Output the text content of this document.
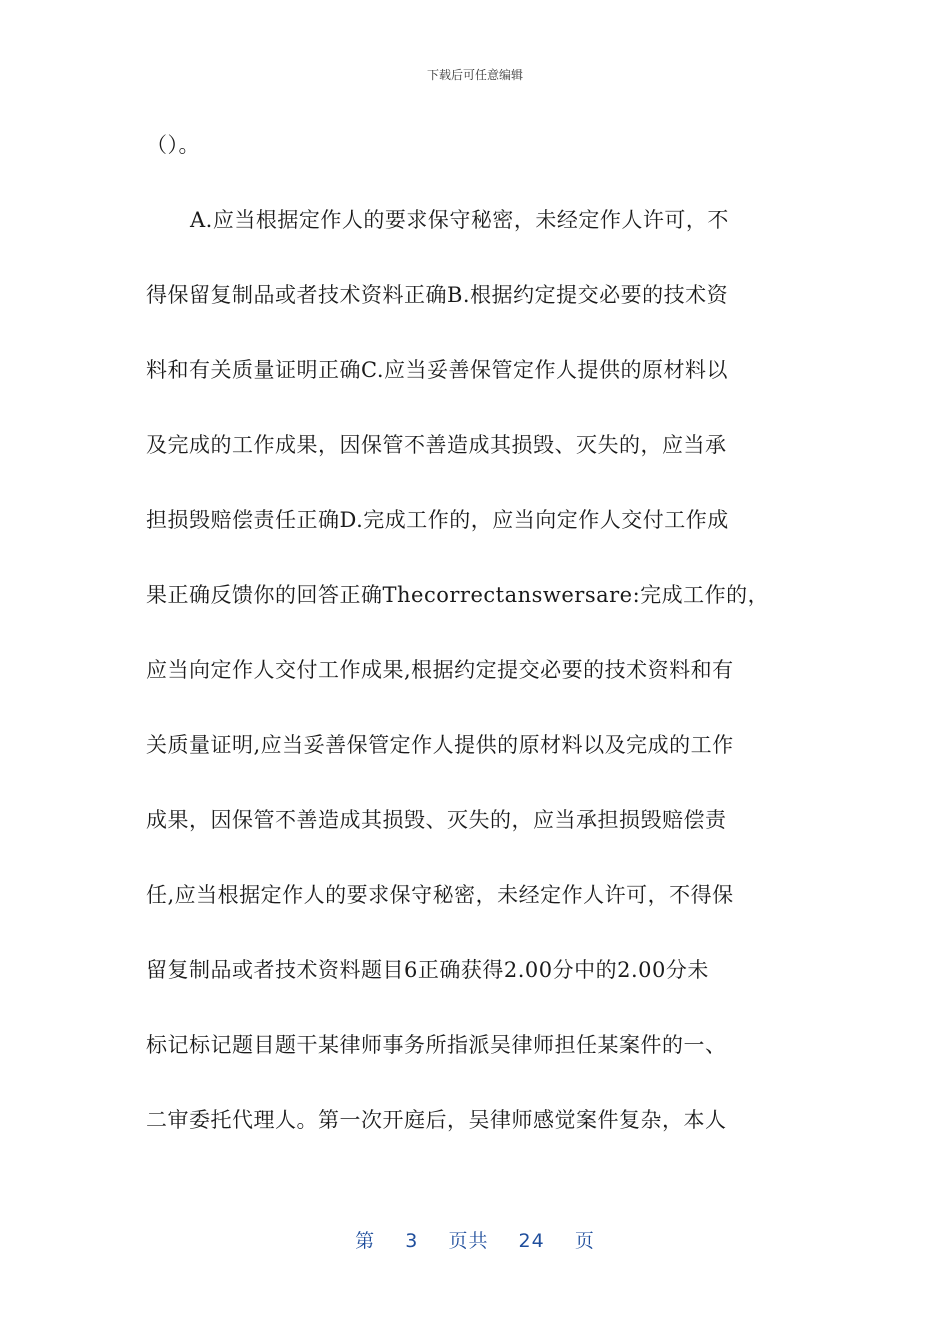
下载后可任意编辑
（）。
A.应当根据定作人的要求保守秘密，未经定作人许可，不
得保留复制品或者技术资料正确B.根据约定提交必要的技术资
料和有关质量证明正确C.应当妥善保管定作人提供的原材料以
及完成的工作成果，因保管不善造成其损毁、灭失的，应当承
担损毁赔偿责任正确D.完成工作的，应当向定作人交付工作成
果正确反馈你的回答正确Thecorrectanswersare:完成工作的，
应当向定作人交付工作成果,根据约定提交必要的技术资料和有
关质量证明,应当妥善保管定作人提供的原材料以及完成的工作
成果，因保管不善造成其损毁、灭失的，应当承担损毁赔偿责
任,应当根据定作人的要求保守秘密，未经定作人许可，不得保
留复制品或者技术资料题目6正确获得2.00分中的2.00分未
标记标记题目题干某律师事务所指派吴律师担任某案件的一、
二审委托代理人。第一次开庭后，吴律师感觉案件复杂，本人
第 3 页共 24 页
